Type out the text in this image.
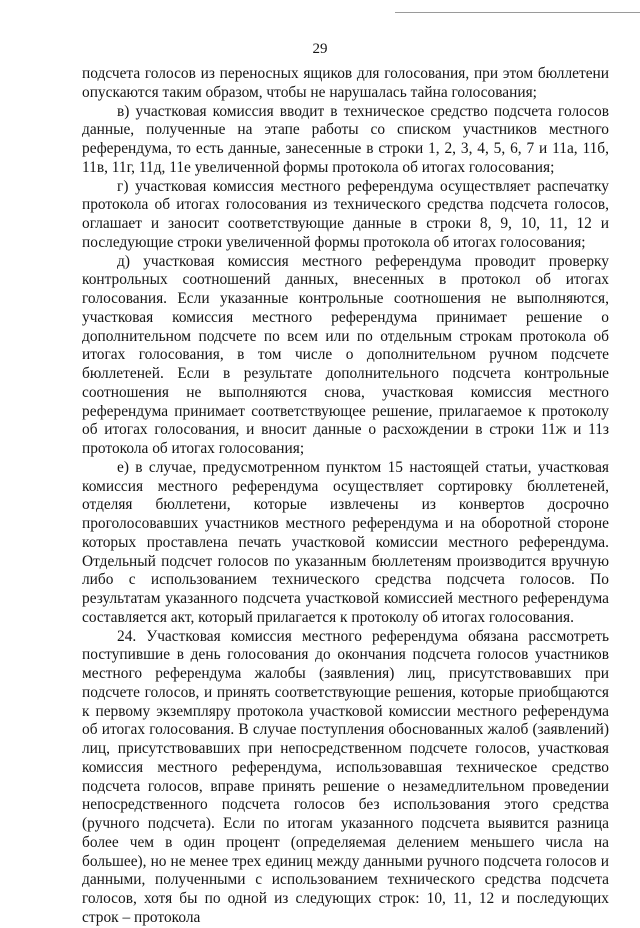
29

подсчета голосов из переносных ящиков для голосования, при этом бюллетени опускаются таким образом, чтобы не нарушалась тайна голосования;

в) участковая комиссия вводит в техническое средство подсчета голосов данные, полученные на этапе работы со списком участников местного референдума, то есть данные, занесенные в строки 1, 2, 3, 4, 5, 6, 7 и 11а, 11б, 11в, 11г, 11д, 11е увеличенной формы протокола об итогах голосования;

г) участковая комиссия местного референдума осуществляет распечатку протокола об итогах голосования из технического средства подсчета голосов, оглашает и заносит соответствующие данные в строки 8, 9, 10, 11, 12 и последующие строки увеличенной формы протокола об итогах голосования;

д) участковая комиссия местного референдума проводит проверку контрольных соотношений данных, внесенных в протокол об итогах голосования. Если указанные контрольные соотношения не выполняются, участковая комиссия местного референдума принимает решение о дополнительном подсчете по всем или по отдельным строкам протокола об итогах голосования, в том числе о дополнительном ручном подсчете бюллетеней. Если в результате дополнительного подсчета контрольные соотношения не выполняются снова, участковая комиссия местного референдума принимает соответствующее решение, прилагаемое к протоколу об итогах голосования, и вносит данные о расхождении в строки 11ж и 11з протокола об итогах голосования;

е) в случае, предусмотренном пунктом 15 настоящей статьи, участковая комиссия местного референдума осуществляет сортировку бюллетеней, отделяя бюллетени, которые извлечены из конвертов досрочно проголосовавших участников местного референдума и на оборотной стороне которых проставлена печать участковой комиссии местного референдума. Отдельный подсчет голосов по указанным бюллетеням производится вручную либо с использованием технического средства подсчета голосов. По результатам указанного подсчета участковой комиссией местного референдума составляется акт, который прилагается к протоколу об итогах голосования.

24. Участковая комиссия местного референдума обязана рассмотреть поступившие в день голосования до окончания подсчета голосов участников местного референдума жалобы (заявления) лиц, присутствовавших при подсчете голосов, и принять соответствующие решения, которые приобщаются к первому экземпляру протокола участковой комиссии местного референдума об итогах голосования. В случае поступления обоснованных жалоб (заявлений) лиц, присутствовавших при непосредственном подсчете голосов, участковая комиссия местного референдума, использовавшая техническое средство подсчета голосов, вправе принять решение о незамедлительном проведении непосредственного подсчета голосов без использования этого средства (ручного подсчета). Если по итогам указанного подсчета выявится разница более чем в один процент (определяемая делением меньшего числа на большее), но не менее трех единиц между данными ручного подсчета голосов и данными, полученными с использованием технического средства подсчета голосов, хотя бы по одной из следующих строк: 10, 11, 12 и последующих строк – протокола
